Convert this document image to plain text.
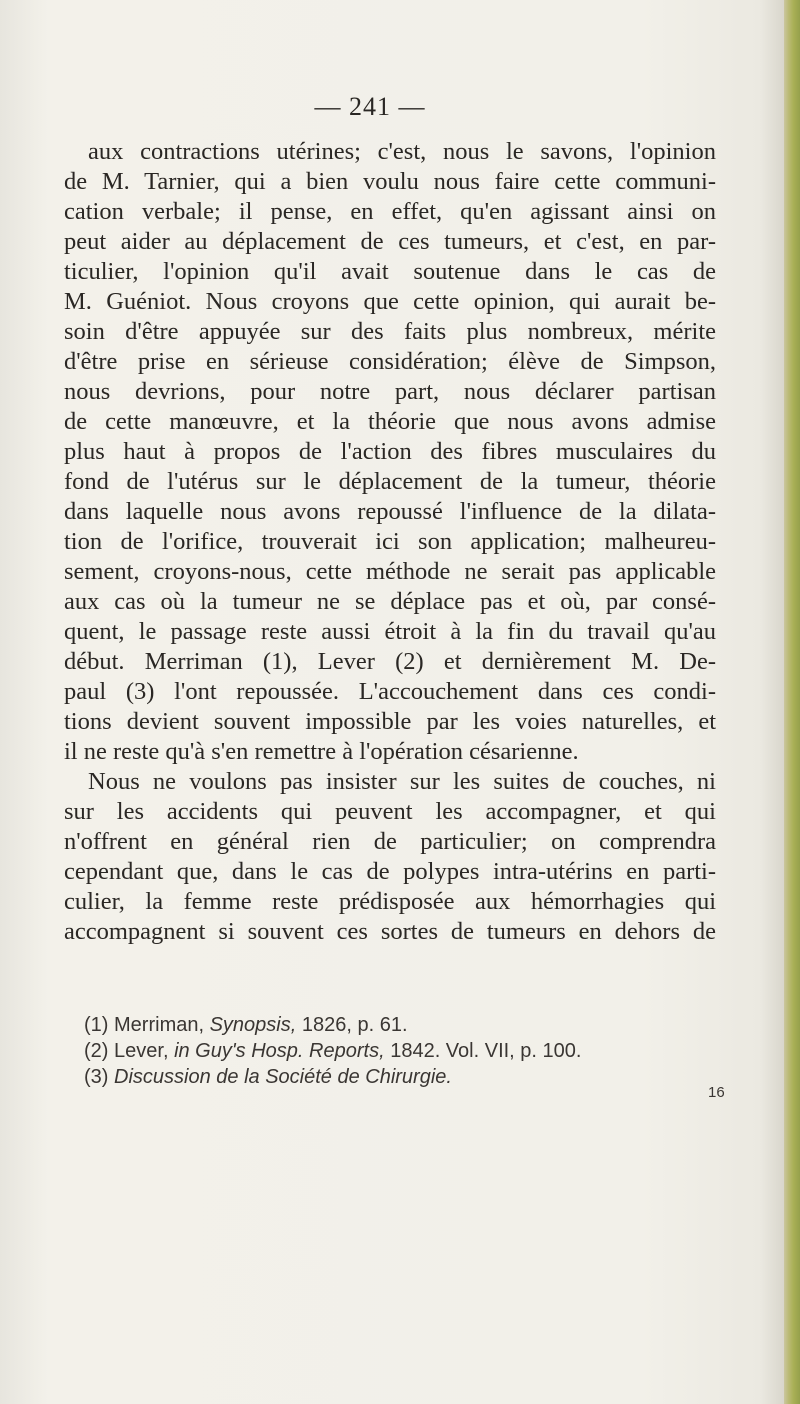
— 241 —
aux contractions utérines; c'est, nous le savons, l'opinion
de M. Tarnier, qui a bien voulu nous faire cette communi-
cation verbale; il pense, en effet, qu'en agissant ainsi on
peut aider au déplacement de ces tumeurs, et c'est, en par-
ticulier, l'opinion qu'il avait soutenue dans le cas de
M. Guéniot. Nous croyons que cette opinion, qui aurait be-
soin d'être appuyée sur des faits plus nombreux, mérite
d'être prise en sérieuse considération; élève de Simpson,
nous devrions, pour notre part, nous déclarer partisan
de cette manœuvre, et la théorie que nous avons admise
plus haut à propos de l'action des fibres musculaires du
fond de l'utérus sur le déplacement de la tumeur, théorie
dans laquelle nous avons repoussé l'influence de la dilata-
tion de l'orifice, trouverait ici son application; malheureu-
sement, croyons-nous, cette méthode ne serait pas applicable
aux cas où la tumeur ne se déplace pas et où, par consé-
quent, le passage reste aussi étroit à la fin du travail qu'au
début. Merriman (1), Lever (2) et dernièrement M. De-
paul (3) l'ont repoussée. L'accouchement dans ces condi-
tions devient souvent impossible par les voies naturelles, et
il ne reste qu'à s'en remettre à l'opération césarienne.
Nous ne voulons pas insister sur les suites de couches, ni
sur les accidents qui peuvent les accompagner, et qui
n'offrent en général rien de particulier; on comprendra
cependant que, dans le cas de polypes intra-utérins en parti-
culier, la femme reste prédisposée aux hémorrhagies qui
accompagnent si souvent ces sortes de tumeurs en dehors de
(1) Merriman, Synopsis, 1826, p. 61.
(2) Lever, in Guy's Hosp. Reports, 1842. Vol. VII, p. 100.
(3) Discussion de la Société de Chirurgie.
16
